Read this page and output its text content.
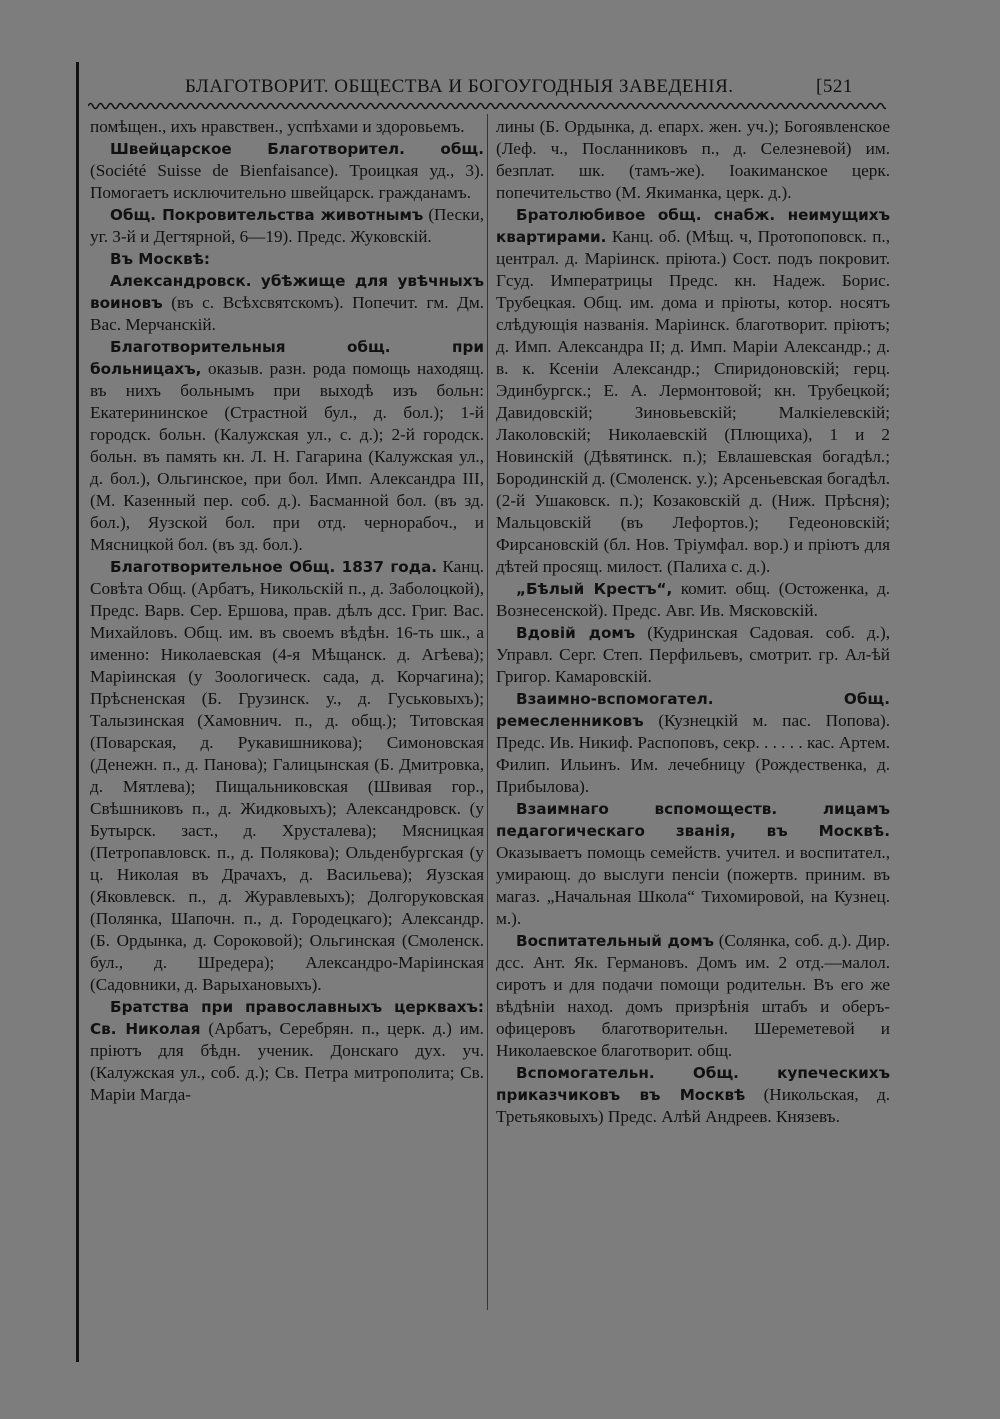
БЛАГОТВОРИТ. ОБЩЕСТВА И БОГОУГОДНЫЯ ЗАВЕДЕНІЯ.	[521

помѣщен., ихъ нравствен., успѣхами и здоровьемъ.

Швейцарское Благотворител. общ. (Société Suisse de Bienfaisance). Троицкая уд., 3). Помогаетъ исключительно швейцарск. гражданамъ.

Общ. Покровительства животнымъ (Пески, уг. 3-й и Дегтярной, 6—19). Предс. Жуковскій.

Въ Москвѣ:

Александровск. убѣжище для увѣчныхъ воиновъ (въ с. Всѣхсвятскомъ). Попечит. гм. Дм. Вас. Мерчанскій.

Благотворительныя общ. при больницахъ, оказыв. разн. рода помощь находящ. въ нихъ больнымъ при выходѣ изъ больн: Екатерининское (Страстной бул., д. бол.); 1-й городск. больн. (Калужская ул., с. д.); 2-й городск. больн. въ память кн. Л. Н. Гагарина (Калужская ул., д. бол.), Ольгинское, при бол. Имп. Александра III, (М. Казенный пер. соб. д.). Басманной бол. (въ зд. бол.), Яузской бол. при отд. чернорабоч., и Мясницкой бол. (въ зд. бол.).

Благотворительное Общ. 1837 года. Канц. Совѣта Общ. (Арбатъ, Никольскій п., д. Заболоцкой), Предс. Варв. Сер. Ершова, прав. дѣлъ дсс. Григ. Вас. Михайловъ. Общ. им. въ своемъ вѣдѣн. 16-ть шк., а именно: Николаевская (4-я Мѣщанск. д. Агѣева); Маріинская (у Зоологическ. сада, д. Корчагина); Прѣсненская (Б. Грузинск. у., д. Гуськовыхъ); Талызинская (Хамовнич. п., д. общ.); Титовская (Поварская, д. Рукавишникова); Симоновская (Денежн. п., д. Панова); Галицынская (Б. Дмитровка, д. Мятлева); Пищальниковская (Швивая гор., Свѣшниковъ п., д. Жидковыхъ); Александровск. (у Бутырск. заст., д. Хрусталева); Мясницкая (Петропавловск. п., д. Полякова); Ольденбургская (у ц. Николая въ Драчахъ, д. Васильева); Яузская (Яковлевск. п., д. Журавлевыхъ); Долгоруковская (Полянка, Шапочн. п., д. Городецкаго); Александр. (Б. Ордынка, д. Сороковой); Ольгинская (Смоленск. бул., д. Шредера); Александро-Маріинская (Садовники, д. Варыхановыхъ).

Братства при православныхъ церквахъ: Св. Николая (Арбатъ, Серебрян. п., церк. д.) им. пріютъ для бѣдн. ученик. Донскаго дух. уч. (Калужская ул., соб. д.); Св. Петра митрополита; Св. Маріи Магда-

лины (Б. Ордынка, д. епарх. жен. уч.); Богоявленское (Леф. ч., Посланниковъ п., д. Селезневой) им. безплат. шк. (тамъ-же). Іоакиманское церк. попечительство (М. Якиманка, церк. д.).

Братолюбивое общ. снабж. неимущихъ квартирами. Канц. об. (Мѣщ. ч, Протопоповск. п., централ. д. Маріинск. пріюта.) Сост. подъ покровит. Гсуд. Императрицы Предс. кн. Надеж. Борис. Трубецкая. Общ. им. дома и пріюты, котор. носятъ слѣдующія названія. Маріинск. благотворит. пріютъ; д. Имп. Александра II; д. Имп. Маріи Александр.; д. в. к. Ксеніи Александр.; Спиридоновскій; герц. Эдинбургск.; Е. А. Лермонтовой; кн. Трубецкой; Давидовскій; Зиновьевскій; Малкіелевскій; Лаколовскій; Николаевскій (Плющиха), 1 и 2 Новинскій (Дѣвятинск. п.); Евлашевская богадѣл.; Бородинскій д. (Смоленск. у.); Арсеньевская богадѣл. (2-й Ушаковск. п.); Козаковскій д. (Ниж. Прѣсня); Мальцовскій (въ Лефортов.); Гедеоновскій; Фирсановскій (бл. Нов. Тріумфал. вор.) и пріютъ для дѣтей просящ. милост. (Палиха с. д.).

„Бѣлый Крестъ“, комит. общ. (Остоженка, д. Вознесенской). Предс. Авг. Ив. Мясковскій.

Вдовій домъ (Кудринская Садовая. соб. д.), Управл. Серг. Степ. Перфильевъ, смотрит. гр. Ал-ѣй Григор. Камаровскій.

Взаимно-вспомогател. Общ. ремесленниковъ (Кузнецкій м. пас. Попова). Предс. Ив. Никиф. Распоповъ, секр. . . . . . кас. Артем. Филип. Ильинъ. Им. лечебницу (Рождественка, д. Прибылова).

Взаимнаго вспомоществ. лицамъ педагогическаго званія, въ Москвѣ. Оказываетъ помощь семейств. учител. и воспитател., умирающ. до выслуги пенсіи (пожертв. приним. въ магаз. „Начальная Школа“ Тихомировой, на Кузнец. м.).

Воспитательный домъ (Солянка, соб. д.). Дир. дсс. Ант. Як. Германовъ. Домъ им. 2 отд.—малол. сиротъ и для подачи помощи родительн. Въ его же вѣдѣніи наход. домъ призрѣнія штабъ и оберъ-офицеровъ благотворительн. Шереметевой и Николаевское благотворит. общ.

Вспомогательн. Общ. купеческихъ приказчиковъ въ Москвѣ (Никольская, д. Третьяковыхъ) Предс. Алѣй Андреев. Князевъ.
